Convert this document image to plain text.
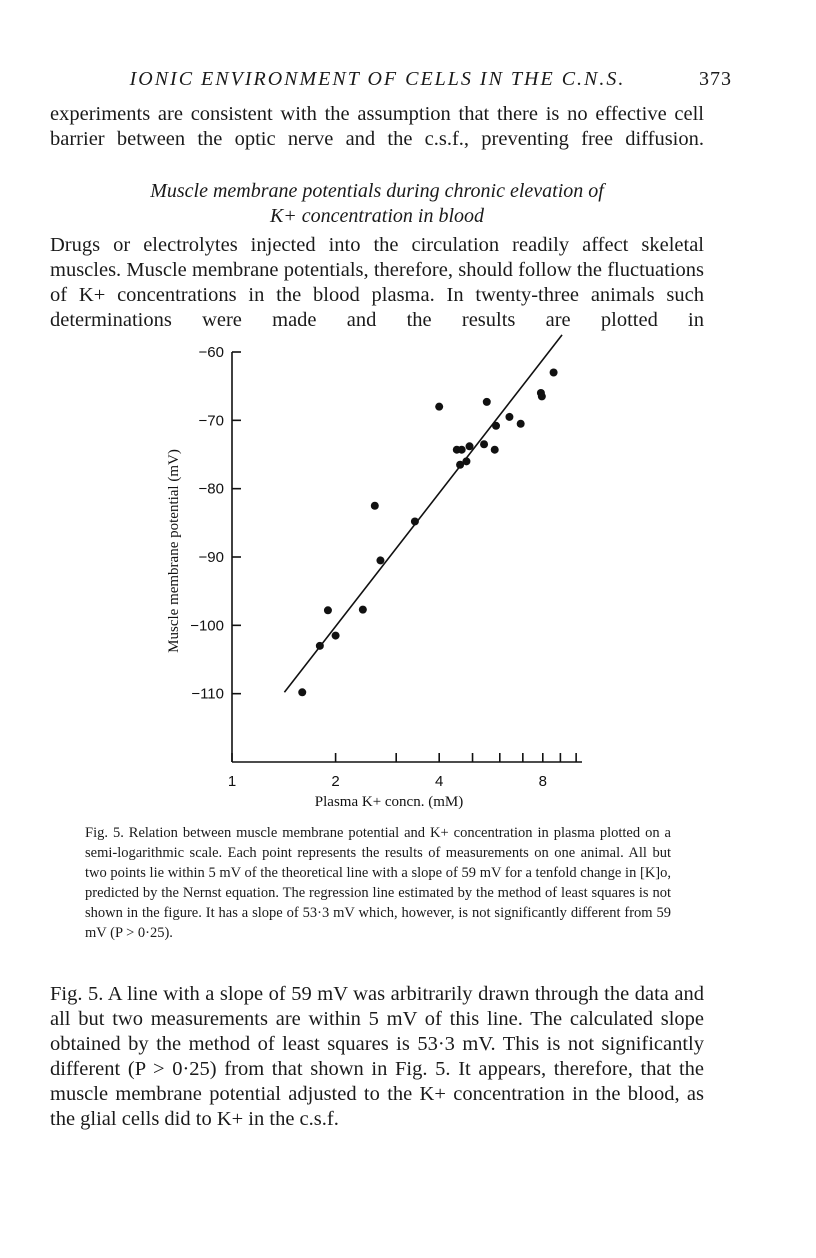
IONIC ENVIRONMENT OF CELLS IN THE C.N.S.	373

experiments are consistent with the assumption that there is no effective cell barrier between the optic nerve and the c.s.f., preventing free diffusion.

Muscle membrane potentials during chronic elevation of
K+ concentration in blood

Drugs or electrolytes injected into the circulation readily affect skeletal muscles. Muscle membrane potentials, therefore, should follow the fluctuations of K+ concentrations in the blood plasma. In twenty-three animals such determinations were made and the results are plotted in

−60
−70
−80
−90
−100
−110
1	2	4	8
Plasma K+ concn. (mM)
Muscle membrane potential (mV)

Fig. 5. Relation between muscle membrane potential and K+ concentration in plasma plotted on a semi-logarithmic scale. Each point represents the results of measurements on one animal. All but two points lie within 5 mV of the theoretical line with a slope of 59 mV for a tenfold change in [K]o, predicted by the Nernst equation. The regression line estimated by the method of least squares is not shown in the figure. It has a slope of 53·3 mV which, however, is not significantly different from 59 mV (P > 0·25).

Fig. 5. A line with a slope of 59 mV was arbitrarily drawn through the data and all but two measurements are within 5 mV of this line. The calculated slope obtained by the method of least squares is 53·3 mV. This is not significantly different (P > 0·25) from that shown in Fig. 5. It appears, therefore, that the muscle membrane potential adjusted to the K+ concentration in the blood, as the glial cells did to K+ in the c.s.f.
